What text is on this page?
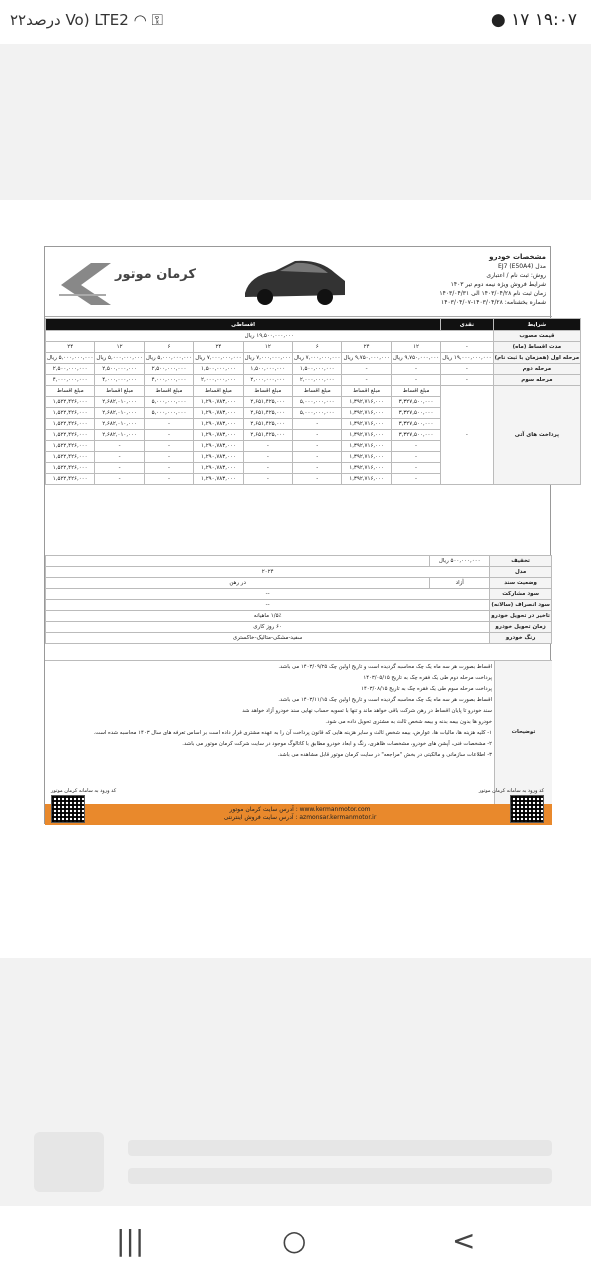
۲۲درصد Vo) LTE2 ◠ ⚿	● ۱۷ ۱۹:۰۷
کرمان موتور
مشخصات خودرو
مدل EJ7 (E50A4)
روش: ثبت نام / اعتباری
شرایط فروش ویژه نیمه دوم تیر ۱۴۰۳
زمان ثبت نام ۱۴۰۳/۰۴/۲۸ الی ۱۴۰۳/۰۴/۳۱
شماره بخشنامه: ۱۴۰۳/۰۴/۲۸-۱۴۰۳/۰۴/۰۷
شرایط	نقدی	اقساطی							
قیمت مصوب	۱۹,۵۰۰,۰۰۰,۰۰۰ ریال								
مدت اقساط (ماه)	-	۱۲	۲۴	۶	۱۲	۲۴	۶	۱۲	۲۴
مرحله اول (همزمان با ثبت نام)	۱۹,۰۰۰,۰۰۰,۰۰۰ ریال	۹,۷۵۰,۰۰۰,۰۰۰ ریال	۹,۷۵۰,۰۰۰,۰۰۰ ریال	۷,۰۰۰,۰۰۰,۰۰۰ ریال	۷,۰۰۰,۰۰۰,۰۰۰ ریال	۷,۰۰۰,۰۰۰,۰۰۰ ریال	۵,۰۰۰,۰۰۰,۰۰۰ ریال	۵,۰۰۰,۰۰۰,۰۰۰ ریال	۵,۰۰۰,۰۰۰,۰۰۰ ریال
مرحله دوم	-	-	-	۱,۵۰۰,۰۰۰,۰۰۰	۱,۵۰۰,۰۰۰,۰۰۰	۱,۵۰۰,۰۰۰,۰۰۰	۲,۵۰۰,۰۰۰,۰۰۰	۲,۵۰۰,۰۰۰,۰۰۰	۲,۵۰۰,۰۰۰,۰۰۰
مرحله سوم	-	-	-	۲,۰۰۰,۰۰۰,۰۰۰	۲,۰۰۰,۰۰۰,۰۰۰	۲,۰۰۰,۰۰۰,۰۰۰	۴,۰۰۰,۰۰۰,۰۰۰	۴,۰۰۰,۰۰۰,۰۰۰	۴,۰۰۰,۰۰۰,۰۰۰
پرداخت های آتی	-	مبلغ اقساط	مبلغ اقساط	مبلغ اقساط	مبلغ اقساط	مبلغ اقساط	مبلغ اقساط	مبلغ اقساط	مبلغ اقساط
		۳,۳۲۷,۵۰۰,۰۰۰	۱,۳۹۲,۷۱۶,۰۰۰	۵,۰۰۰,۰۰۰,۰۰۰	۲,۶۵۱,۴۲۵,۰۰۰	۱,۲۹۰,۷۸۳,۰۰۰	۵,۰۰۰,۰۰۰,۰۰۰	۲,۶۸۲,۰۱۰,۰۰۰	۱,۵۲۲,۴۲۶,۰۰۰
		۳,۳۲۷,۵۰۰,۰۰۰	۱,۳۹۲,۷۱۶,۰۰۰	۵,۰۰۰,۰۰۰,۰۰۰	۲,۶۵۱,۴۲۵,۰۰۰	۱,۲۹۰,۷۸۳,۰۰۰	۵,۰۰۰,۰۰۰,۰۰۰	۲,۶۸۲,۰۱۰,۰۰۰	۱,۵۲۲,۴۲۶,۰۰۰
		۳,۳۲۷,۵۰۰,۰۰۰	۱,۳۹۲,۷۱۶,۰۰۰	-	۲,۶۵۱,۴۲۵,۰۰۰	۱,۲۹۰,۷۸۳,۰۰۰	-	۲,۶۸۲,۰۱۰,۰۰۰	۱,۵۲۲,۴۲۶,۰۰۰
		۳,۳۲۷,۵۰۰,۰۰۰	۱,۳۹۲,۷۱۶,۰۰۰	-	۲,۶۵۱,۴۲۵,۰۰۰	۱,۲۹۰,۷۸۳,۰۰۰	-	۲,۶۸۲,۰۱۰,۰۰۰	۱,۵۲۲,۴۲۶,۰۰۰
		-	۱,۳۹۲,۷۱۶,۰۰۰	-	-	۱,۲۹۰,۷۸۳,۰۰۰	-	-	۱,۵۲۲,۴۲۶,۰۰۰
		-	۱,۳۹۲,۷۱۶,۰۰۰	-	-	۱,۲۹۰,۷۸۳,۰۰۰	-	-	۱,۵۲۲,۴۲۶,۰۰۰
		-	۱,۳۹۲,۷۱۶,۰۰۰	-	-	۱,۲۹۰,۷۸۳,۰۰۰	-	-	۱,۵۲۲,۴۲۶,۰۰۰
		-	۱,۳۹۲,۷۱۶,۰۰۰	-	-	۱,۲۹۰,۷۸۳,۰۰۰	-	-	۱,۵۲۲,۴۲۶,۰۰۰
تخفیف	۵۰۰,۰۰۰,۰۰۰ ریال	
مدل	۲۰۲۴	
وضعیت سند	آزاد	در رهن
سود مشارکت	--	
سود انصراف (سالانه)	--	
تاخیر در تحویل خودرو	۱/۵٪ ماهیانه	
زمان تحویل خودرو	۶۰ روز کاری	
رنگ خودرو	سفید-مشکی-متالیک-خاکستری	
توضیحات

اقساط بصورت هر سه ماه یک چک محاسبه گردیده است و تاریخ اولین چک ۱۴۰۳/۰۹/۲۵ می باشد.

پرداخت مرحله دوم طی یک فقره چک به تاریخ ۱۴۰۳/۰۵/۱۵

پرداخت مرحله سوم طی یک فقره چک به تاریخ ۱۴۰۳/۰۸/۱۵

اقساط بصورت هر سه ماه یک چک محاسبه گردیده است و تاریخ اولین چک ۱۴۰۳/۱۱/۱۵ می باشد.

سند خودرو تا پایان اقساط در رهن شرکت باقی خواهد ماند و تنها با تسویه حساب نهایی سند خودرو آزاد خواهد شد

خودرو ها بدون بیمه بدنه و بیمه شخص ثالث به مشتری تحویل داده می شود.

۱- کلیه هزینه ها، مالیات ها، عوارض، بیمه شخص ثالث و سایر هزینه هایی که قانون پرداخت آن را به عهده مشتری قرار داده است بر اساس تعرفه های سال ۱۴۰۳ محاسبه شده است.

۲- مشخصات فنی، آپشن های خودرو، مشخصات ظاهری، رنگ و ابعاد خودرو مطابق با کاتالوگ موجود در سایت شرکت کرمان موتور می باشد.

۳- اطلاعات سازمانی و مالکیتی در بخش "مراجعه" در سایت کرمان موتور قابل مشاهده می باشد.

آدرس سایت کرمان موتور : www.kermanmotor.com
آدرس سایت فروش اینترنتی : azmonsar.kermanmotor.ir
کد ورود به سامانه کرمان موتور	کد ورود به سامانه کرمان موتور
|||	○	<
